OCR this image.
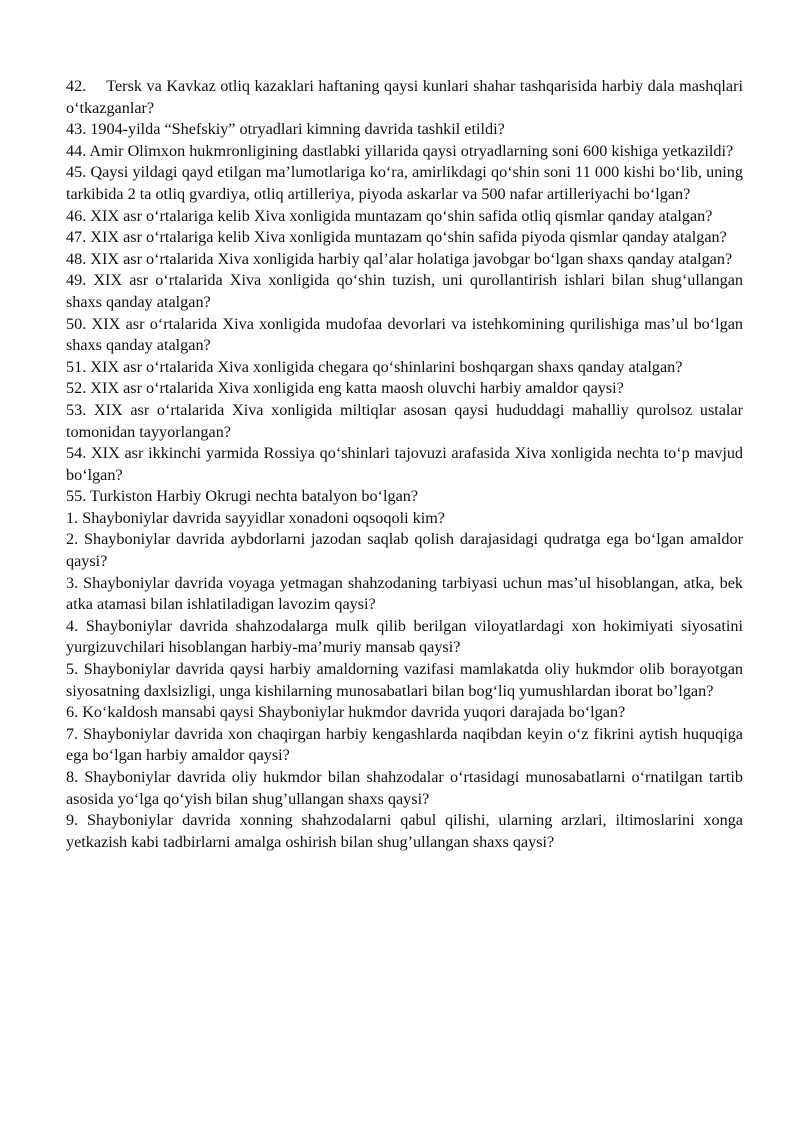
42. Tersk va Kavkaz otliq kazaklari haftaning qaysi kunlari shahar tashqarisida harbiy dala mashqlari oʻtkazganlar?

43. 1904-yilda “Shefskiy” otryadlari kimning davrida tashkil etildi?

44. Amir Olimxon hukmronligining dastlabki yillarida qaysi otryadlarning soni 600 kishiga yetkazildi?

45. Qaysi yildagi qayd etilgan maʼlumotlariga koʻra, amirlikdagi qoʻshin soni 11 000 kishi boʻlib, uning tarkibida 2 ta otliq gvardiya, otliq artilleriya, piyoda askarlar va 500 nafar artilleriyachi boʻlgan?

46. XIX asr oʻrtalariga kelib Xiva xonligida muntazam qoʻshin safida otliq qismlar qanday atalgan?

47. XIX asr oʻrtalariga kelib Xiva xonligida muntazam qoʻshin safida piyoda qismlar qanday atalgan?

48. XIX asr oʻrtalarida Xiva xonligida harbiy qalʼalar holatiga javobgar boʻlgan shaxs qanday atalgan?

49. XIX asr oʻrtalarida Xiva xonligida qoʻshin tuzish, uni qurollantirish ishlari bilan shugʻullangan shaxs qanday atalgan?

50. XIX asr oʻrtalarida Xiva xonligida mudofaa devorlari va istehkomining qurilishiga masʼul boʻlgan shaxs qanday atalgan?

51. XIX asr oʻrtalarida Xiva xonligida chegara qoʻshinlarini boshqargan shaxs qanday atalgan?

52. XIX asr oʻrtalarida Xiva xonligida eng katta maosh oluvchi harbiy amaldor qaysi?

53. XIX asr oʻrtalarida Xiva xonligida miltiqlar asosan qaysi hududdagi mahalliy qurolsoz ustalar tomonidan tayyorlangan?

54. XIX asr ikkinchi yarmida Rossiya qoʻshinlari tajovuzi arafasida Xiva xonligida nechta toʻp mavjud boʻlgan?

55. Turkiston Harbiy Okrugi nechta batalyon boʻlgan?

1. Shayboniylar davrida sayyidlar xonadoni oqsoqoli kim?

2. Shayboniylar davrida aybdorlarni jazodan saqlab qolish darajasidagi qudratga ega boʻlgan amaldor qaysi?

3. Shayboniylar davrida voyaga yetmagan shahzodaning tarbiyasi uchun masʼul hisoblangan, atka, bek atka atamasi bilan ishlatiladigan lavozim qaysi?

4. Shayboniylar davrida shahzodalarga mulk qilib berilgan viloyatlardagi xon hokimiyati siyosatini yurgizuvchilari hisoblangan harbiy-maʼmuriy mansab qaysi?

5. Shayboniylar davrida qaysi harbiy amaldorning vazifasi mamlakatda oliy hukmdor olib borayotgan siyosatning daxlsizligi, unga kishilarning munosabatlari bilan bogʻliq yumushlardan iborat boʼlgan?

6. Koʻkaldosh mansabi qaysi Shayboniylar hukmdor davrida yuqori darajada boʻlgan?

7. Shayboniylar davrida xon chaqirgan harbiy kengashlarda naqibdan keyin oʻz fikrini aytish huquqiga ega boʻlgan harbiy amaldor qaysi?

8. Shayboniylar davrida oliy hukmdor bilan shahzodalar oʻrtasidagi munosabatlarni oʻrnatilgan tartib asosida yoʻlga qoʻyish bilan shugʼullangan shaxs qaysi?

9. Shayboniylar davrida xonning shahzodalarni qabul qilishi, ularning arzlari, iltimoslarini xonga yetkazish kabi tadbirlarni amalga oshirish bilan shugʼullangan shaxs qaysi?
